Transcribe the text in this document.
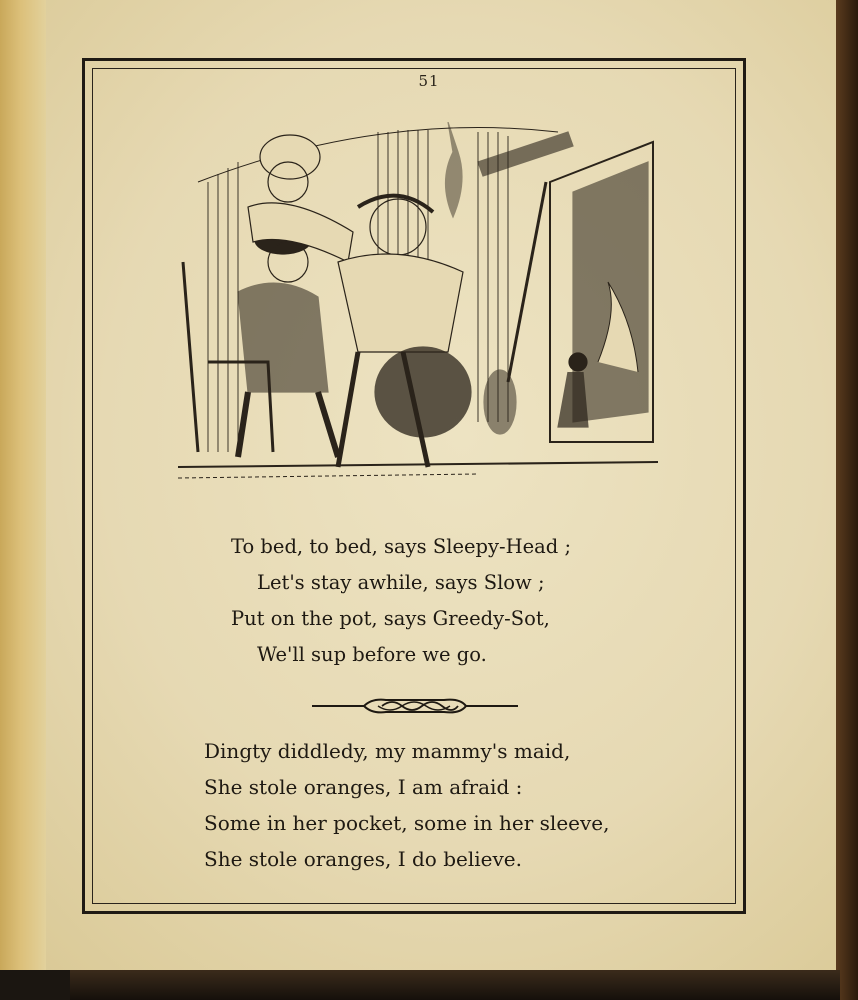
51
To bed, to bed, says Sleepy-Head ;
Let's stay awhile, says Slow ;
Put on the pot, says Greedy-Sot,
We'll sup before we go.
Dingty diddledy, my mammy's maid,
She stole oranges, I am afraid :
Some in her pocket, some in her sleeve,
She stole oranges, I do believe.
